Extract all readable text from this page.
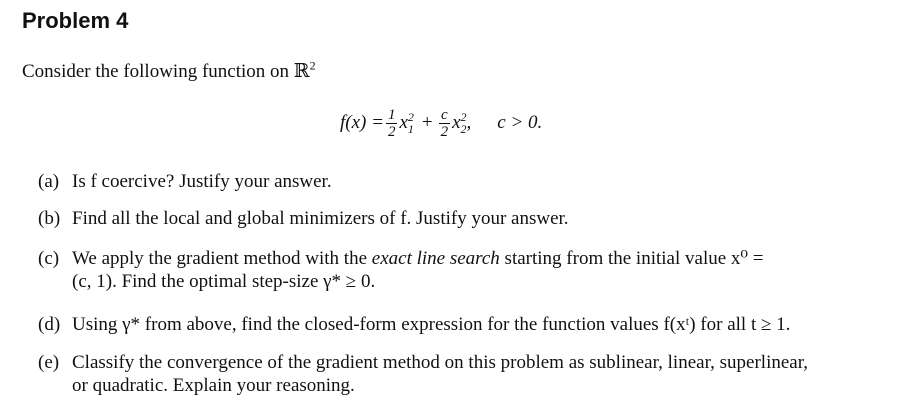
Problem 4
Consider the following function on ℝ$^2$
$f(x) = \frac{1}{2}$ x 2
$1 + \frac{c}{2}$ x 2
2 , c > 0.
(a) Is f coercive? Justify your answer.
(b) Find all the local and global minimizers of f. Justify your answer.
(c) We apply the gradient method with the exact line search starting from the initial value x⁰ =
(c, 1). Find the optimal step-size γ* ≥ 0.
(d) Using γ* from above, find the closed-form expression for the function values f(xᵗ) for all t ≥ 1.
(e) Classify the convergence of the gradient method on this problem as sublinear, linear, superlinear,
or quadratic. Explain your reasoning.
